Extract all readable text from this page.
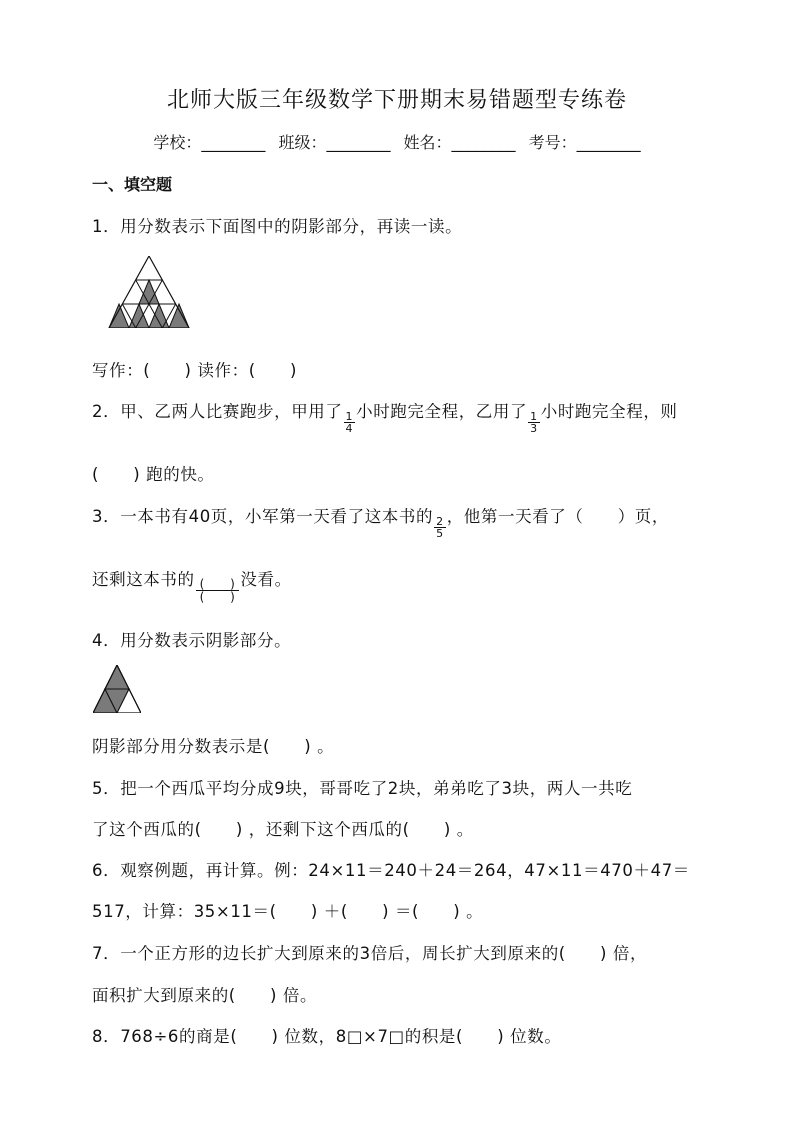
北师大版三年级数学下册期末易错题型专练卷
学校：________ 班级：________ 姓名：________ 考号：________
一、填空题
1．用分数表示下面图中的阴影部分，再读一读。
写作：(　　) 读作：(　　)
2．甲、乙两人比赛跑步，甲用了 $\frac{1}{4}$ 小时跑完全程，乙用了 $\frac{1}{3}$ 小时跑完全程，则
(　　) 跑的快。
3．一本书有40页，小军第一天看了这本书的 $\frac{2}{5}$ ，他第一天看了（　　）页，
还剩这本书的 $\frac{( )}{( )}$ 没看。
4．用分数表示阴影部分。
阴影部分用分数表示是(　　) 。
5．把一个西瓜平均分成9块，哥哥吃了2块，弟弟吃了3块，两人一共吃
了这个西瓜的(　　) ，还剩下这个西瓜的(　　) 。
6．观察例题，再计算。例：24×11＝240＋24＝264，47×11＝470＋47＝
517，计算：35×11＝(　　) ＋(　　) ＝(　　) 。
7．一个正方形的边长扩大到原来的3倍后，周长扩大到原来的(　　) 倍，
面积扩大到原来的(　　) 倍。
8．768÷6的商是(　　) 位数，8□×7□的积是(　　) 位数。
